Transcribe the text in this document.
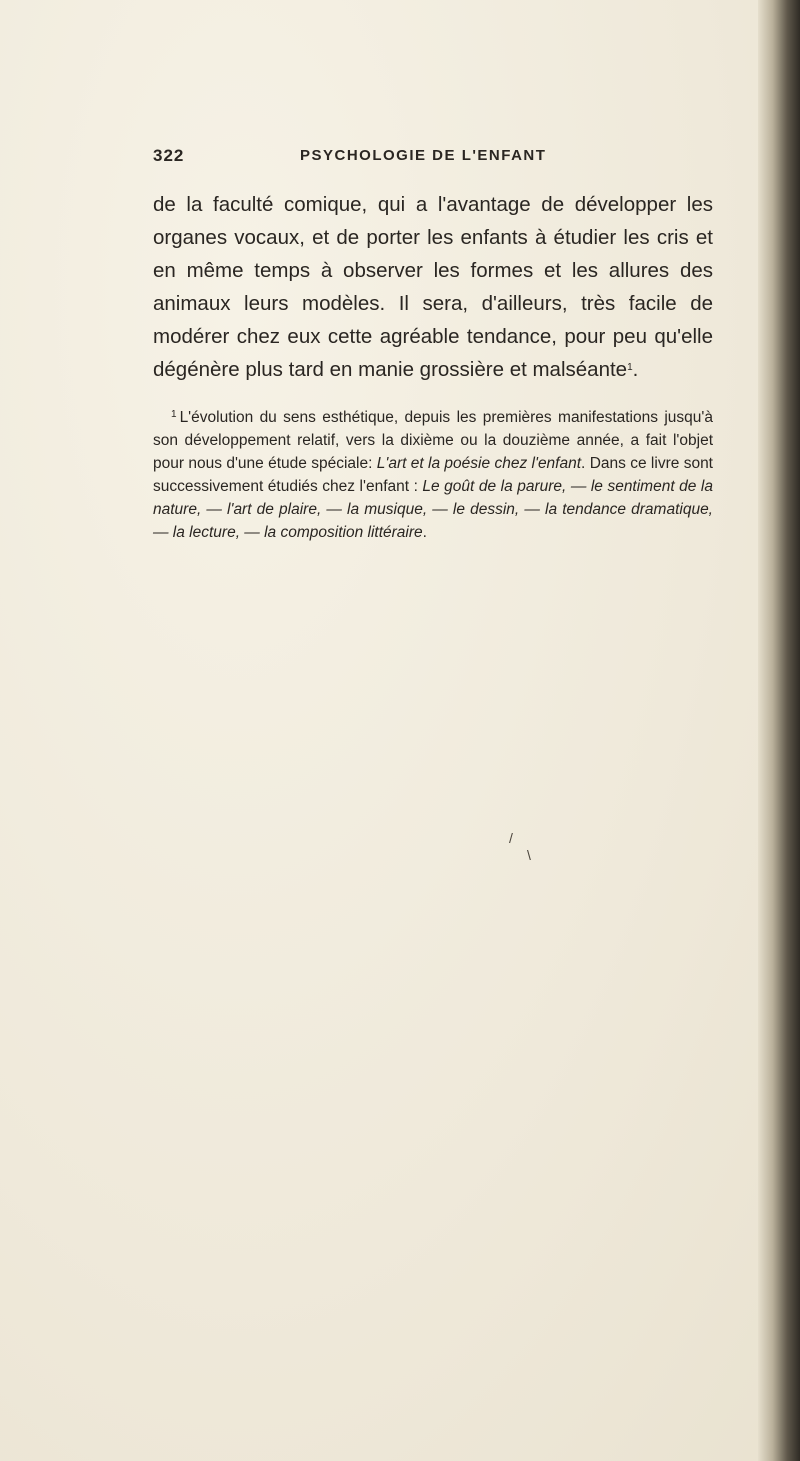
322	PSYCHOLOGIE DE L'ENFANT

de la faculté comique, qui a l'avantage de développer les organes vocaux, et de porter les enfants à étudier les cris et en même temps à observer les formes et les allures des animaux leurs modèles. Il sera, d'ailleurs, très facile de modérer chez eux cette agréable tendance, pour peu qu'elle dégénère plus tard en manie grossière et malséante$^1$.

$^1$ L'évolution du sens esthétique, depuis les premières manifestations jusqu'à son développement relatif, vers la dixième ou la douzième année, a fait l'objet pour nous d'une étude spéciale: L'art et la poésie chez l'enfant. Dans ce livre sont successivement étudiés chez l'enfant : Le goût de la parure, — le sentiment de la nature, — l'art de plaire, — la musique, — le dessin, — la tendance dramatique, — la lecture, — la composition littéraire.

/
\
